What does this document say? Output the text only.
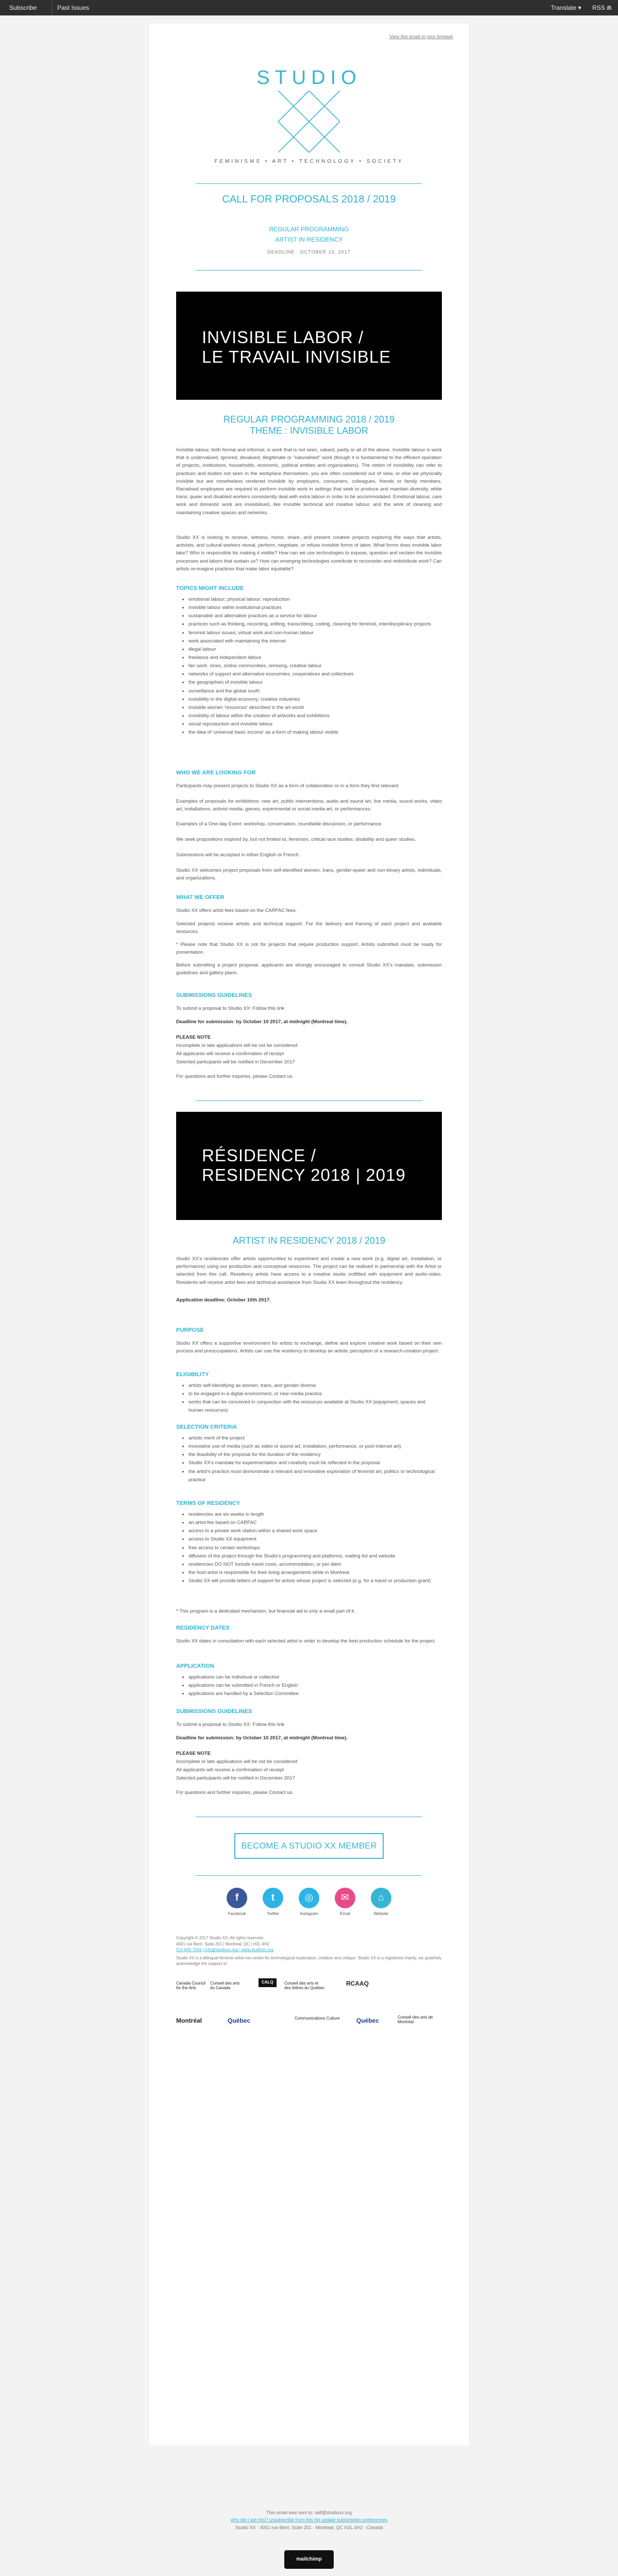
Subscribe	Past Issues	Translate ▾ RSS ⋒
View this email in your browser
STUDIO
FEMINISMS • ART • TECHNOLOGY • SOCIETY
CALL FOR PROPOSALS 2018 / 2019
REGULAR PROGRAMMING
ARTIST IN RESIDENCY
DEADLINE : OCTOBER 10, 2017
INVISIBLE LABOR /
LE TRAVAIL INVISIBLE
REGULAR PROGRAMMING 2018 / 2019
THEME : INVISIBLE LABOR
Invisible labour, both formal and informal, is work that is not seen, valued, partly or all of the above. Invisible labour is work that is undervalued, ignored, devalued, illegitimate or "naturalised" work (though it is fundamental to the efficient operation of projects, institutions, households, economic, political entities and organizations). The notion of invisibility can refer to practices and bodies not seen in the workplace themselves, you are often considered out of view, or else we physically invisible but are nonetheless rendered invisible by employers, consumers, colleagues, friends or family members. Racialised employees are required to perform invisible work in settings that seek to produce and maintain diversity, while trans, queer and disabled workers consistently deal with extra labour in order to be accommodated. Emotional labour, care work and domestic work are invisibilised, like invisible technical and creative labour, and the work of cleaning and maintaining creative spaces and networks.
Studio XX is looking to receive, witness, honor, share, and present creative projects exploring the ways that artists, activists, and cultural workers reveal, perform, negotiate, or refuse invisible forms of labor. What forms does invisible labor take? Who is responsible for making it visible? How can we use technologies to expose, question and reclaim the invisible processes and labors that sustain us? How can emerging technologies contribute to reconsider and redistribute work? Can artists re-imagine practices that make labor equitable?
TOPICS MIGHT INCLUDE
• emotional labour; physical labour; reproduction
• invisible labour within institutional practices
• sustainable and alternative practices as a service for labour
• practices such as thinking, recording, editing, transcribing, coding, cleaning for feminist, interdisciplinary projects
• feminist labour issues; virtual work and non-human labour
• work associated with maintaining the internet
• illegal labour
• freelance and independent labour
• fan work: zines, online communities, remixing, creative labour
• networks of support and alternative economies; cooperatives and collectives
• the geographies of invisible labour
• surveillance and the global south
• invisibility in the digital economy; creative industries
• invisible women 'resources' described in the art world
• invisibility of labour within the creation of artworks and exhibitions
• social reproduction and invisible labour
• the idea of 'universal basic income' as a form of making labour visible
WHO WE ARE LOOKING FOR
Participants may present projects to Studio XX as a form of collaboration or in a form they find relevant.
Examples of proposals for exhibitions: new art, public interventions, audio and sound art, live media, sound works, video art, installations, activist media, games, experimental or social media art, or performances.
Examples of a One-day Event: workshop, conversation, roundtable discussion, or performance.
We seek propositions inspired by, but not limited to, feminism, critical race studies, disability and queer studies.
Submissions will be accepted in either English or French.
Studio XX welcomes project proposals from self-identified women, trans, gender-queer and non-binary artists, individuals, and organizations.
WHAT WE OFFER
Studio XX offers artist fees based on the CARFAC fees.
Selected projects receive artistic and technical support. For the delivery and framing of each project and available resources.
* Please note that Studio XX is not for projects that require production support. Artists submitted must be ready for presentation.
Before submitting a project proposal, applicants are strongly encouraged to consult Studio XX's mandate, submission guidelines and gallery plans.
SUBMISSIONS GUIDELINES
To submit a proposal to Studio XX: Follow this link
Deadline for submission: by October 10 2017, at midnight (Montreal time).
PLEASE NOTE
Incomplete or late applications will be not be considered
All applicants will receive a confirmation of receipt
Selected participants will be notified in December 2017
For questions and further inquiries, please Contact us.
RÉSIDENCE /
RESIDENCY 2018 | 2019
ARTIST IN RESIDENCY 2018 / 2019
Studio XX's residencies offer artists opportunities to experiment and create a new work (e.g. digital art, installation, or performance) using our production and conceptual resources. The project can be realised in partnership with the Artist or selected from this call. Residency artists have access to a creative studio outfitted with equipment and audio-video. Residents will receive artist fees and technical assistance from Studio XX team throughout the residency.
Application deadline: October 10th 2017.
PURPOSE
Studio XX offers a supportive environment for artists to exchange, define and explore creative work based on their own process and preoccupations. Artists can use the residency to develop an artistic perception of a research-creation project.
ELIGIBILITY
• artists self-identifying as women, trans, and gender diverse
• to be engaged in a digital environment, or new media practice
• works that can be conceived in conjunction with the resources available at Studio XX (equipment, spaces and human resources)
SELECTION CRITERIA
• artistic merit of the project
• innovative use of media (such as video or sound art, installation, performance, or post-Internet art)
• the feasibility of the proposal for the duration of the residency
• Studio XX's mandate for experimentation and creativity must be reflected in the proposal
• the artist's practice must demonstrate a relevant and innovative exploration of feminist art, politics or technological practice
TERMS OF RESIDENCY
• residencies are six weeks in length
• an artist fee based on CARFAC
• access to a private work station within a shared work space
• access to Studio XX equipment
• free access to certain workshops
• diffusion of the project through the Studio's programming and platforms, mailing list and website
• residencies DO NOT include travel costs, accommodation, or per diem
• the host artist is responsible for their living arrangements while in Montreal
• Studio XX will provide letters of support for artists whose project is selected (e.g. for a travel or production grant)
* This program is a dedicated mechanism, but financial aid is only a small part of it.
RESIDENCY DATES
Studio XX dates in consultation with each selected artist in order to develop the best production schedule for the project.
APPLICATION
• applications can be individual or collective
• applications can be submitted in French or English
• applications are handled by a Selection Committee
SUBMISSIONS GUIDELINES
To submit a proposal to Studio XX: Follow this link
Deadline for submission: by October 10 2017, at midnight (Montreal time).
PLEASE NOTE
Incomplete or late applications will be not be considered
All applicants will receive a confirmation of receipt
Selected participants will be notified in December 2017
For questions and further inquiries, please Contact us.
BECOME A STUDIO XX MEMBER
f
Facebook
t
Twitter
◎
Instagram
✉
Email
⌂
Website
Copyright © 2017 Studio XX, All rights reserved.
4001 rue Berri, Suite 201 | Montreal, QC | H2L 4H2
514 845-7934 | info@studioxx.org | www.studioxx.org
Studio XX is a bilingual feminist artist-run centre for technological exploration, creation and critique. Studio XX is a registered charity, we gratefully acknowledge the support of:
Canada Council for the Arts
Conseil des arts du Canada
CALQ	Conseil des arts et des lettres du Québec
RCAAQ
Montréal	Québec	Communications Culture	Québec	Conseil des arts de Montréal
This email was sent to: self@studioxx.org
why did I get this? unsubscribe from this list update subscription preferences
Studio XX · 4001 rue Berri, Suite 201 · Montreal, QC H2L 4H2 · Canada
mailchimp
